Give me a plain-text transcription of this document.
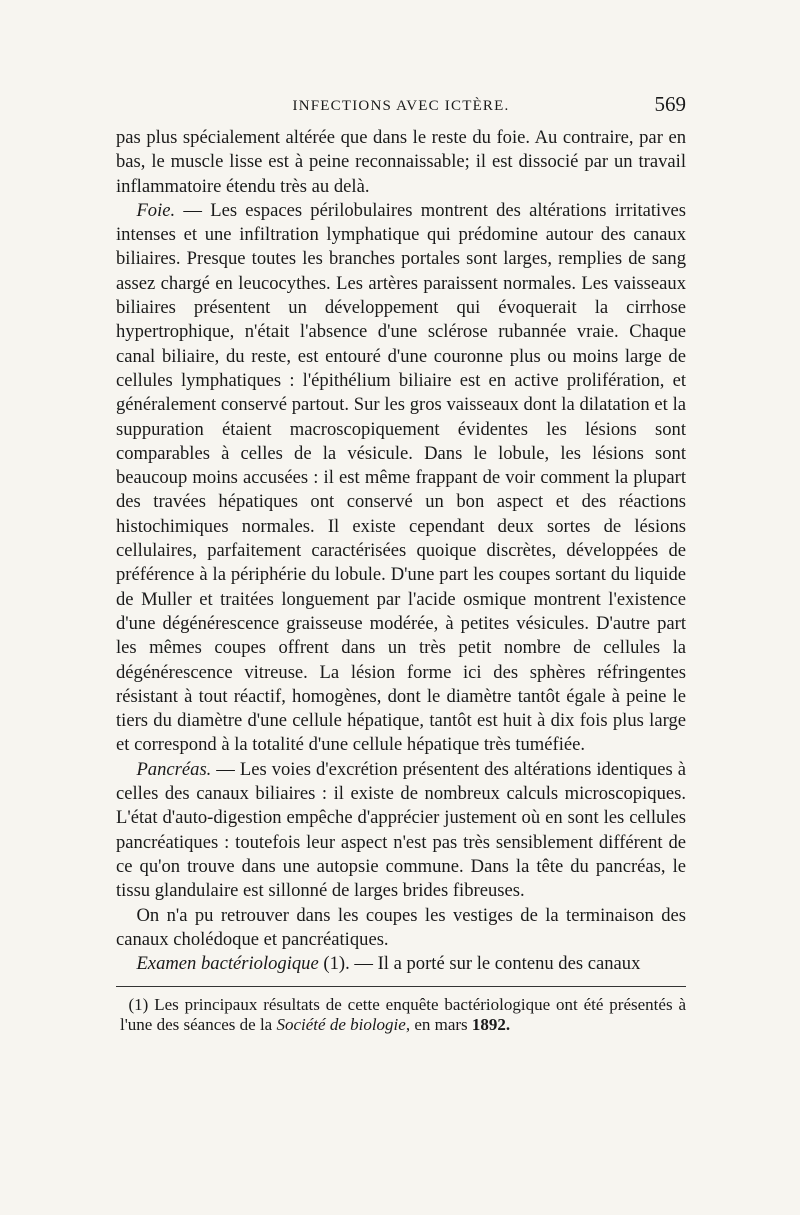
INFECTIONS AVEC ICTÈRE.	569

pas plus spécialement altérée que dans le reste du foie. Au contraire, par en bas, le muscle lisse est à peine reconnaissable; il est dissocié par un travail inflammatoire étendu très au delà.

Foie. — Les espaces périlobulaires montrent des altérations irritatives intenses et une infiltration lymphatique qui prédomine autour des canaux biliaires. Presque toutes les branches portales sont larges, remplies de sang assez chargé en leucocythes. Les artères paraissent normales. Les vaisseaux biliaires présentent un développement qui évoquerait la cirrhose hypertrophique, n'était l'absence d'une sclérose rubannée vraie. Chaque canal biliaire, du reste, est entouré d'une couronne plus ou moins large de cellules lymphatiques : l'épithélium biliaire est en active prolifération, et généralement conservé partout. Sur les gros vaisseaux dont la dilatation et la suppuration étaient macroscopiquement évidentes les lésions sont comparables à celles de la vésicule. Dans le lobule, les lésions sont beaucoup moins accusées : il est même frappant de voir comment la plupart des travées hépatiques ont conservé un bon aspect et des réactions histochimiques normales. Il existe cependant deux sortes de lésions cellulaires, parfaitement caractérisées quoique discrètes, développées de préférence à la périphérie du lobule. D'une part les coupes sortant du liquide de Muller et traitées longuement par l'acide osmique montrent l'existence d'une dégénérescence graisseuse modérée, à petites vésicules. D'autre part les mêmes coupes offrent dans un très petit nombre de cellules la dégénérescence vitreuse. La lésion forme ici des sphères réfringentes résistant à tout réactif, homogènes, dont le diamètre tantôt égale à peine le tiers du diamètre d'une cellule hépatique, tantôt est huit à dix fois plus large et correspond à la totalité d'une cellule hépatique très tuméfiée.

Pancréas. — Les voies d'excrétion présentent des altérations identiques à celles des canaux biliaires : il existe de nombreux calculs microscopiques. L'état d'auto-digestion empêche d'apprécier justement où en sont les cellules pancréatiques : toutefois leur aspect n'est pas très sensiblement différent de ce qu'on trouve dans une autopsie commune. Dans la tête du pancréas, le tissu glandulaire est sillonné de larges brides fibreuses.

On n'a pu retrouver dans les coupes les vestiges de la terminaison des canaux cholédoque et pancréatiques.

Examen bactériologique (1). — Il a porté sur le contenu des canaux

(1) Les principaux résultats de cette enquête bactériologique ont été présentés à l'une des séances de la Société de biologie, en mars 1892.
